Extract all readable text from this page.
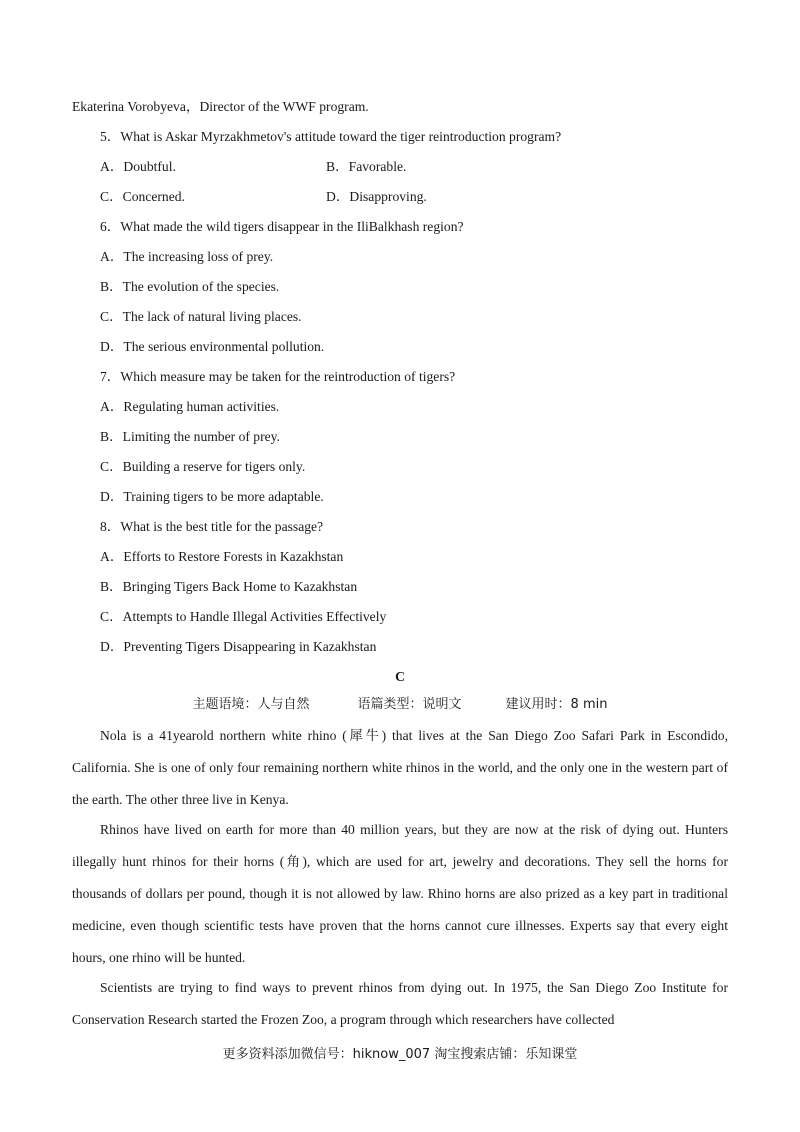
Ekaterina Vorobyeva，Director of the WWF program.
5．What is Askar Myrzakhmetov's attitude toward the tiger reintroduction program?
A．Doubtful.	B．Favorable.
C．Concerned.	D．Disapproving.
6．What made the wild tigers disappear in the IliBalkhash region?
A．The increasing loss of prey.
B．The evolution of the species.
C．The lack of natural living places.
D．The serious environmental pollution.
7．Which measure may be taken for the reintroduction of tigers?
A．Regulating human activities.
B．Limiting the number of prey.
C．Building a reserve for tigers only.
D．Training tigers to be more adaptable.
8．What is the best title for the passage?
A．Efforts to Restore Forests in Kazakhstan
B．Bringing Tigers Back Home to Kazakhstan
C．Attempts to Handle Illegal Activities Effectively
D．Preventing Tigers Disappearing in Kazakhstan
C
主题语境：人与自然	语篇类型：说明文	建议用时：8 min
Nola is a 41yearold northern white rhino (犀牛) that lives at the San Diego Zoo Safari Park in Escondido, California. She is one of only four remaining northern white rhinos in the world, and the only one in the western part of the earth. The other three live in Kenya.
Rhinos have lived on earth for more than 40 million years, but they are now at the risk of dying out. Hunters illegally hunt rhinos for their horns (角), which are used for art, jewelry and decorations. They sell the horns for thousands of dollars per pound, though it is not allowed by law. Rhino horns are also prized as a key part in traditional medicine, even though scientific tests have proven that the horns cannot cure illnesses. Experts say that every eight hours, one rhino will be hunted.
Scientists are trying to find ways to prevent rhinos from dying out. In 1975, the San Diego Zoo Institute for Conservation Research started the Frozen Zoo, a program through which researchers have collected
更多资料添加微信号：hiknow_007 淘宝搜索店铺：乐知课堂
